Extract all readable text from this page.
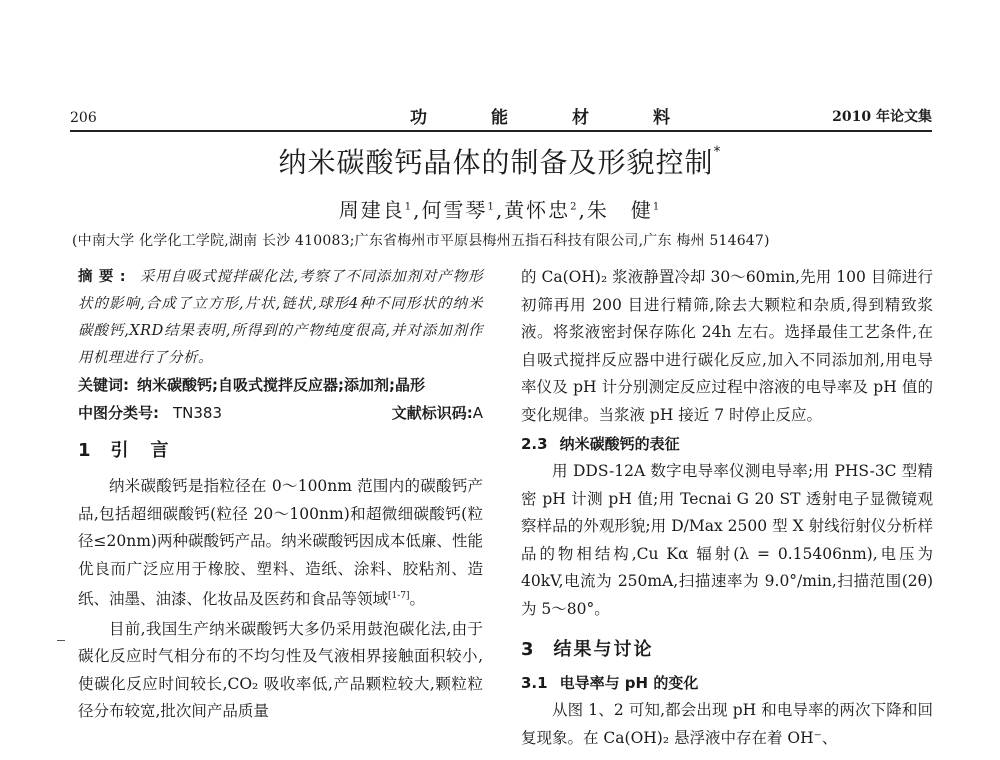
206	功能材料	2010 年论文集
纳米碳酸钙晶体的制备及形貌控制*
周建良$^1$,何雪琴$^1$,黄怀忠$^2$,朱　健$^1$
(中南大学 化学化工学院,湖南 长沙 410083;广东省梅州市平原县梅州五指石科技有限公司,广东 梅州 514647)

摘要: 采用自吸式搅拌碳化法,考察了不同添加剂对产物形状的影响,合成了立方形,片状,链状,球形4种不同形状的纳米碳酸钙,XRD结果表明,所得到的产物纯度很高,并对添加剂作用机理进行了分析。

关键词: 纳米碳酸钙;自吸式搅拌反应器;添加剂;晶形

中图分类号: TN383	文献标识码:A
1 引　言

纳米碳酸钙是指粒径在 0～100nm 范围内的碳酸钙产品,包括超细碳酸钙(粒径 20～100nm)和超微细碳酸钙(粒径≤20nm)两种碳酸钙产品。纳米碳酸钙因成本低廉、性能优良而广泛应用于橡胶、塑料、造纸、涂料、胶粘剂、造纸、油墨、油漆、化妆品及医药和食品等领域[1-7]。

目前,我国生产纳米碳酸钙大多仍采用鼓泡碳化法,由于碳化反应时气相分布的不均匀性及气液相界接触面积较小,使碳化反应时间较长,CO₂ 吸收率低,产品颗粒较大,颗粒粒径分布较宽,批次间产品质量

的 Ca(OH)₂ 浆液静置冷却 30～60min,先用 100 目筛进行初筛再用 200 目进行精筛,除去大颗粒和杂质,得到精致浆液。将浆液密封保存陈化 24h 左右。选择最佳工艺条件,在自吸式搅拌反应器中进行碳化反应,加入不同添加剂,用电导率仪及 pH 计分别测定反应过程中溶液的电导率及 pH 值的变化规律。当浆液 pH 接近 7 时停止反应。

2.3 纳米碳酸钙的表征

用 DDS-12A 数字电导率仪测电导率;用 PHS-3C 型精密 pH 计测 pH 值;用 Tecnai G 20 ST 透射电子显微镜观察样品的外观形貌;用 D/Max 2500 型 X 射线衍射仪分析样品的物相结构,Cu Kα 辐射(λ = 0.15406nm),电压为 40kV,电流为 250mA,扫描速率为 9.0°/min,扫描范围(2θ)为 5～80°。

3 结果与讨论
3.1 电导率与 pH 的变化

从图 1、2 可知,都会出现 pH 和电导率的两次下降和回复现象。在 Ca(OH)₂ 悬浮液中存在着 OH⁻、
